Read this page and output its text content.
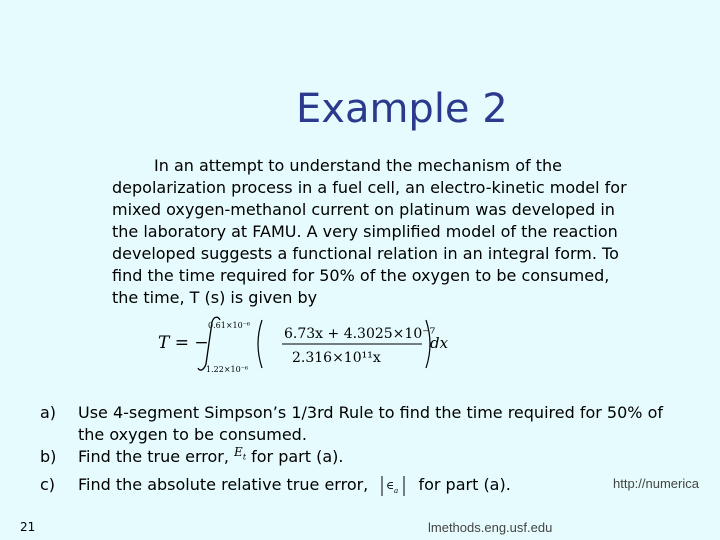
Example 2
In an attempt to understand the mechanism of the depolarization process in a fuel cell, an electro-kinetic model for mixed oxygen-methanol current on platinum was developed in the laboratory at FAMU. A very simplified model of the reaction developed suggests a functional relation in an integral form. To find the time required for 50% of the oxygen to be consumed, the time, T (s) is given by
T = −
0.61×10⁻⁶
1.22×10⁻⁶
6.73x + 4.3025×10⁻⁷
2.316×10¹¹x
dx
a)	Use 4-segment Simpson’s 1/3rd Rule to find the time required for 50% of the oxygen to be consumed.
b)	Find the true error, $^{E_t}$ for part (a).
c)	Find the absolute relative true error, ∈ a for part (a).
21
http://numerica
lmethods.eng.usf.edu
